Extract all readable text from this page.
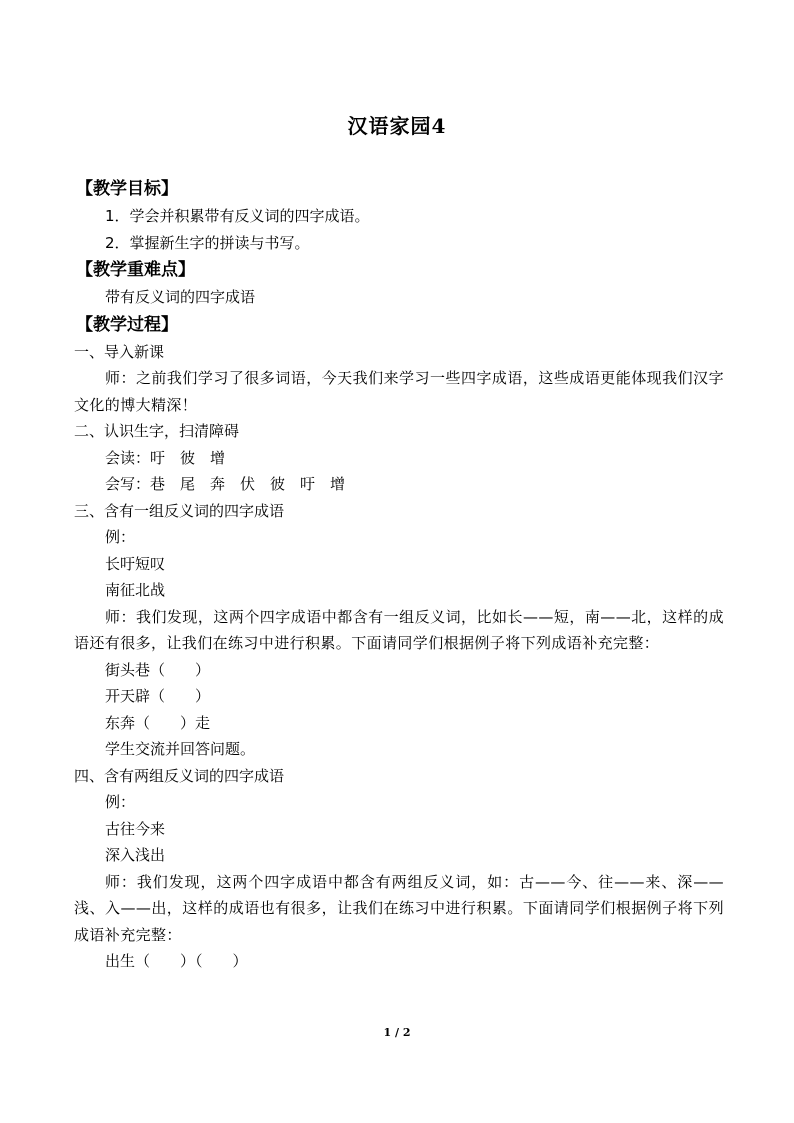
汉语家园4
【教学目标】
1．学会并积累带有反义词的四字成语。
2．掌握新生字的拼读与书写。
【教学重难点】
带有反义词的四字成语
【教学过程】
一、导入新课
师：之前我们学习了很多词语，今天我们来学习一些四字成语，这些成语更能体现我们汉字文化的博大精深！
二、认识生字，扫清障碍
会读：吁　彼　增
会写：巷　尾　奔　伏　彼　吁　增
三、含有一组反义词的四字成语
例：
长吁短叹
南征北战
师：我们发现，这两个四字成语中都含有一组反义词，比如长——短，南——北，这样的成语还有很多，让我们在练习中进行积累。下面请同学们根据例子将下列成语补充完整：
街头巷（　　）
开天辟（　　）
东奔（　　）走
学生交流并回答问题。
四、含有两组反义词的四字成语
例：
古往今来
深入浅出
师：我们发现，这两个四字成语中都含有两组反义词，如：古——今、往——来、深——浅、入——出，这样的成语也有很多，让我们在练习中进行积累。下面请同学们根据例子将下列成语补充完整：
出生（　　）（　　）
1 / 2
